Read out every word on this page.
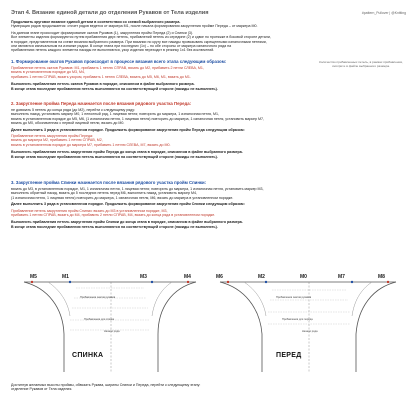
Этап 4. Вязание единой детали до отделения Рукавов от Тела изделия	#pattern_Pullover | @Knitting
Продолжить круговое вязание единой детали в соответствии со схемой выбранного размера.
Нумерация рядов продолжается: отсчет рядов ведется от маркера М1, после начала формирования закругления пройме Переда – от маркера М0.
На данном этапе происходит формирование окатов Рукавов (1), закругления пройм Переда (2) и Спинки (3).
Все элементы изделия формируются путем прибавления двух петель, прибавлений петель из середине (2) и сдвиг по протяжке в боковой стороне детали,
в порядке, представленном на схеме вязания выбранного размера. При вязании по кругу все накиды провязывать скрещенными изнаночными петлями,
они являются изначальным на изнанке рядом. В конце этапа при последних (1x) – по обе стороны от маркера изнаночного ряда на
прибавлениях петель каждого элемента накиды не выполняются, узор изделия переходит в резинку 1х1 без исключений.
1. Формирование окатов Рукавов происходит в процессе вязания всего этапа следующим образом:
Прибавление петель окатов Рукавов: М1, прибавить 1 петлю СПРАВ, вязать до М2, прибавить 2 петли СЛЕВА, М1,
вязать в установленном порядке до М3, М4,
прибавить 1 петлю СПРАВ, вязать узором, прибавить 1 петлю СЛЕВА, вязать до М5, М6, М1, вязать до М1.
Выполнить прибавления петель окатов Рукавов в порядке, описанном в файле выбранного размера.
В конце этапа последние прибавления петель выполняются на соответствующей стороне (накиды не выполнять).
Количество прибавленных петель, в рамках прибавления, смотрите в файле выбранного размера.
2. Закругление пройма Переда начинается после вязания рядового участка Переда:
не довязать 5 петель до конца ряда (до М2), перейти к следующему ряду:
выполнить накид, установить маркер М0, 1 неполный ряд, 1 лицевая петля; повторить до маркера, 1 изнаночная петля, М1,
вязать в установленном порядке до М5, М6, (1 изнаночная петля, 1 лицевая петля) повторить до маркера, 1 изнаночная петля, установить маркер М7,
вязать до М0, обозначенная с первой лицевой петли, вязать до М0.
Далее выполнить 3 ряда в установленном порядке. Продолжить формирование закругления пройм Переда следующим образом:
Прибавление петель закругления пройм Переда:
вязать до маркера М2, прибавить 1 петлю СПРАВ, М2,
вязать в установленном порядке до маркера М7, прибавить 1 петлю СЛЕВА, М7, вязать до М0.
Выполнить прибавления петель закругления пройм Переда до конца этапа в порядке, описанном в файле выбранного размера.
В конце этапа последние прибавления петель выполняются на соответствующей стороне (накиды не выполнять).
3. Закругление пройма Спинки начинается после вязания рядового участка пройм Спинки:
вязать до М3, в установленном порядке, М1, 1 изнаночная петля, 1 лицевая петля; повторить до маркера, 1 изнаночная петля, установить маркер М3,
выполнить обратный накид, вязать до 5 последних петель перед М6, выполнить накид, установить маркер М4,
(1 изнаночная петля, 1 лицевая петля) повторить до маркера, 1 изнаночная петля, М6, вязать до маркера в установленном порядке.
Далее выполнить 3 ряда в установленном порядке. Продолжить формирование закругления пройм Спинки следующим образом:
Прибавление петель закругления пройм Спинки: вязать до М3 в установленном порядке, М3,
прибавить 1 петлю СПРАВ, вязать до М4, прибавить 2 петли СПРАВ, М4, вязать до конца ряда в установленном порядке.
Выполнить прибавления петель закругления пройм Спинки до конца этапа в порядке, описанном в файле выбранного размера.
В конце этапа последние прибавления петель выполняются на соответствующей стороне (накиды не выполнять).
M5	M1	M3	M4	M6	M2	M0	M7	M8
Прибавления окатов рукавов
Прибавления для спинки
Начало ряда
Прибавления окатов рукавов
Прибавления для переда
Начало ряда
СПИНКА	ПЕРЕД
Достигнув желаемых высоты проймы, обвязать Рукава, ширины Спинки и Переда, перейти к следующему этапу:
отделение Рукавов от Тела изделия.
